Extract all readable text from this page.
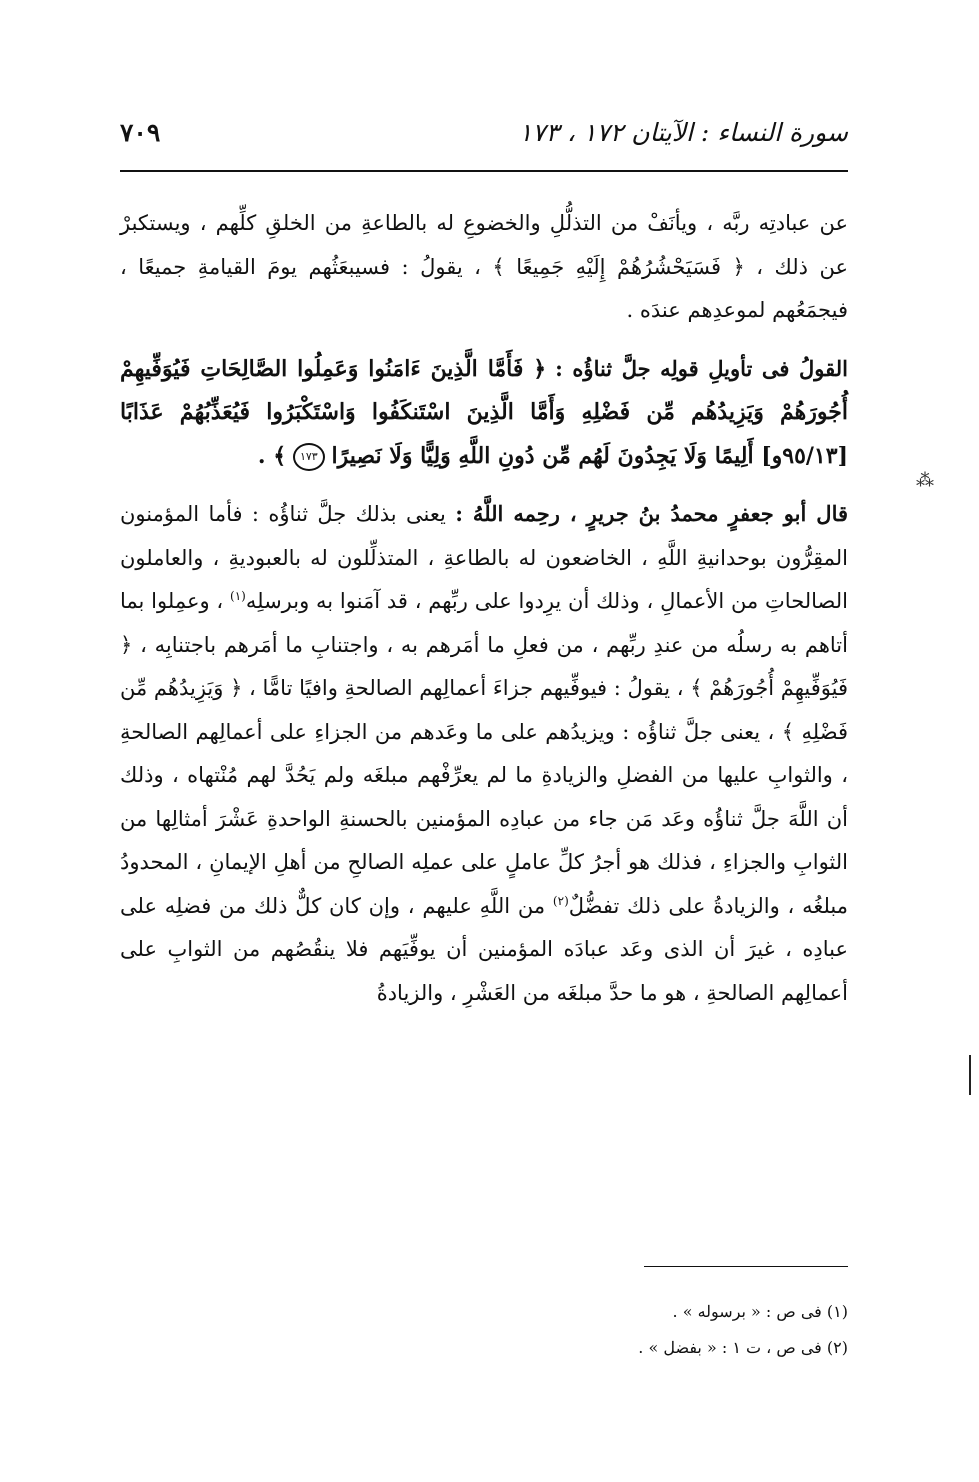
سورة النساء : الآيتان ١٧٢ ، ١٧٣
٧٠٩

عن عبادتِه ربَّه ، ويأنَفْ من التذلُّلِ والخضوعِ له بالطاعةِ من الخلقِ كلِّهم ، ويستكبرْ عن ذلك ، ﴿ فَسَيَحْشُرُهُمْ إِلَيْهِ جَمِيعًا ﴾ ، يقولُ : فسيبعَثُهم يومَ القيامةِ جميعًا ، فيجمَعُهم لموعدِهم عندَه .

القولُ فى تأويلِ قولِه جلَّ ثناؤُه : ﴿ فَأَمَّا الَّذِينَ ءَامَنُوا وَعَمِلُوا الصَّالِحَاتِ فَيُوَفِّيهِمْ أُجُورَهُمْ وَيَزِيدُهُم مِّن فَضْلِهِ وَأَمَّا الَّذِينَ اسْتَنكَفُوا وَاسْتَكْبَرُوا فَيُعَذِّبُهُمْ عَذَابًا [٩٥/١٣و] أَلِيمًا وَلَا يَجِدُونَ لَهُم مِّن دُونِ اللَّهِ وَلِيًّا وَلَا نَصِيرًا ١٧٣ ﴾ .

قال أبو جعفرٍ محمدُ بنُ جريرٍ ، رحِمه اللَّهُ : يعنى بذلك جلَّ ثناؤُه : فأما المؤمنون المقِرُّون بوحدانيةِ اللَّهِ ، الخاضعون له بالطاعةِ ، المتذلِّلون له بالعبوديةِ ، والعاملون الصالحاتِ من الأعمالِ ، وذلك أن يرِدوا على ربِّهم ، قد آمَنوا به وبرسلِه$^{(١)}$ ، وعمِلوا بما أتاهم به رسلُه من عندِ ربِّهم ، من فعلِ ما أمَرهم به ، واجتنابِ ما أمَرهم باجتنابِه ، ﴿ فَيُوَفِّيهِمْ أُجُورَهُمْ ﴾ ، يقولُ : فيوفِّيهم جزاءَ أعمالِهم الصالحةِ وافيًا تامًّا ، ﴿ وَيَزِيدُهُم مِّن فَضْلِهِ ﴾ ، يعنى جلَّ ثناؤُه : ويزيدُهم على ما وعَدهم من الجزاءِ على أعمالِهم الصالحةِ ، والثوابِ عليها من الفضلِ والزيادةِ ما لم يعرِّفْهم مبلغَه ولم يَحُدَّ لهم مُنْتهاه ، وذلك أن اللَّهَ جلَّ ثناؤُه وعَد مَن جاء من عبادِه المؤمنين بالحسنةِ الواحدةِ عَشْرَ أمثالِها من الثوابِ والجزاءِ ، فذلك هو أجرُ كلِّ عاملٍ على عملِه الصالحِ من أهلِ الإيمانِ ، المحدودُ مبلغُه ، والزيادةُ على ذلك تفضُّلٌ$^{(٢)}$ من اللَّهِ عليهم ، وإن كان كلٌّ ذلك من فضلِه على عبادِه ، غيرَ أن الذى وعَد عبادَه المؤمنين أن يوفِّيَهم فلا ينقُصُهم من الثوابِ على أعمالِهم الصالحةِ ، هو ما حدَّ مبلغَه من العَشْرِ ، والزيادةُ

(١) فى ص : « برسوله » .

(٢) فى ص ، ت ١ : « بفضل » .

⁂
